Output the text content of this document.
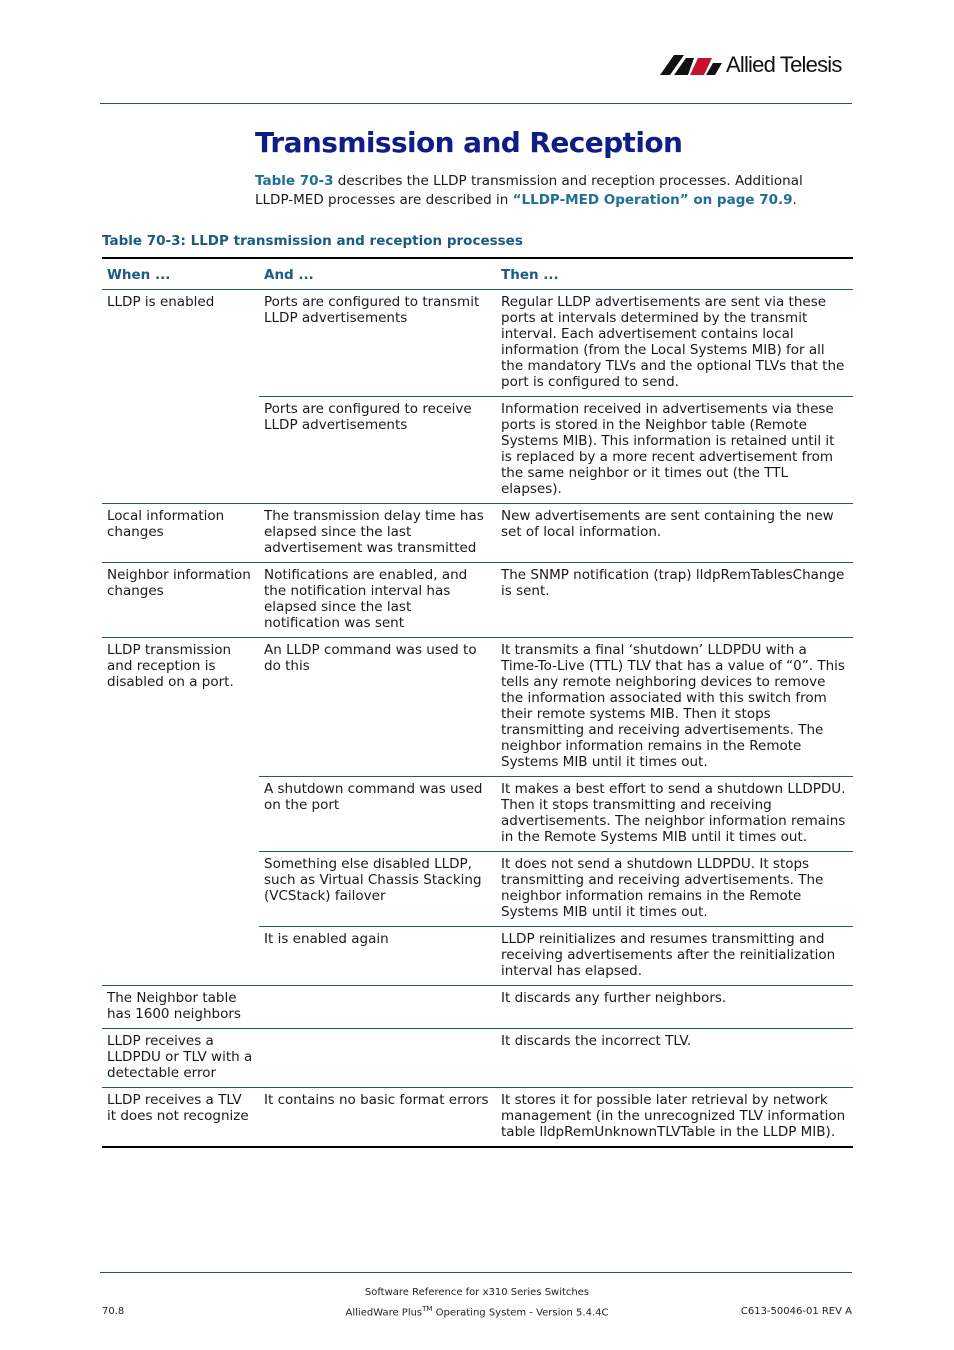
Allied Telesis
Transmission and Reception
Table 70-3 describes the LLDP transmission and reception processes. Additional LLDP-MED processes are described in “LLDP-MED Operation” on page 70.9.
Table 70-3: LLDP transmission and reception processes
When ...	And ...	Then ...
LLDP is enabled	Ports are configured to transmit LLDP advertisements	Regular LLDP advertisements are sent via these ports at intervals determined by the transmit interval. Each advertisement contains local information (from the Local Systems MIB) for all the mandatory TLVs and the optional TLVs that the port is configured to send.
	Ports are configured to receive LLDP advertisements	Information received in advertisements via these ports is stored in the Neighbor table (Remote Systems MIB). This information is retained until it is replaced by a more recent advertisement from the same neighbor or it times out (the TTL elapses).
Local information changes	The transmission delay time has elapsed since the last advertisement was transmitted	New advertisements are sent containing the new set of local information.
Neighbor information changes	Notifications are enabled, and the notification interval has elapsed since the last notification was sent	The SNMP notification (trap) lldpRemTablesChange is sent.
LLDP transmission and reception is disabled on a port.	An LLDP command was used to do this	It transmits a final ‘shutdown’ LLDPDU with a Time-To-Live (TTL) TLV that has a value of “0”. This tells any remote neighboring devices to remove the information associated with this switch from their remote systems MIB. Then it stops transmitting and receiving advertisements. The neighbor information remains in the Remote Systems MIB until it times out.
	A shutdown command was used on the port	It makes a best effort to send a shutdown LLDPDU. Then it stops transmitting and receiving advertisements. The neighbor information remains in the Remote Systems MIB until it times out.
	Something else disabled LLDP, such as Virtual Chassis Stacking (VCStack) failover	It does not send a shutdown LLDPDU. It stops transmitting and receiving advertisements. The neighbor information remains in the Remote Systems MIB until it times out.
	It is enabled again	LLDP reinitializes and resumes transmitting and receiving advertisements after the reinitialization interval has elapsed.
The Neighbor table has 1600 neighbors		It discards any further neighbors.
LLDP receives a LLDPDU or TLV with a detectable error		It discards the incorrect TLV.
LLDP receives a TLV it does not recognize	It contains no basic format errors	It stores it for possible later retrieval by network management (in the unrecognized TLV information table lldpRemUnknownTLVTable in the LLDP MIB).
Software Reference for x310 Series Switches
AlliedWare Plus™ Operating System - Version 5.4.4C
70.8	C613-50046-01 REV A
